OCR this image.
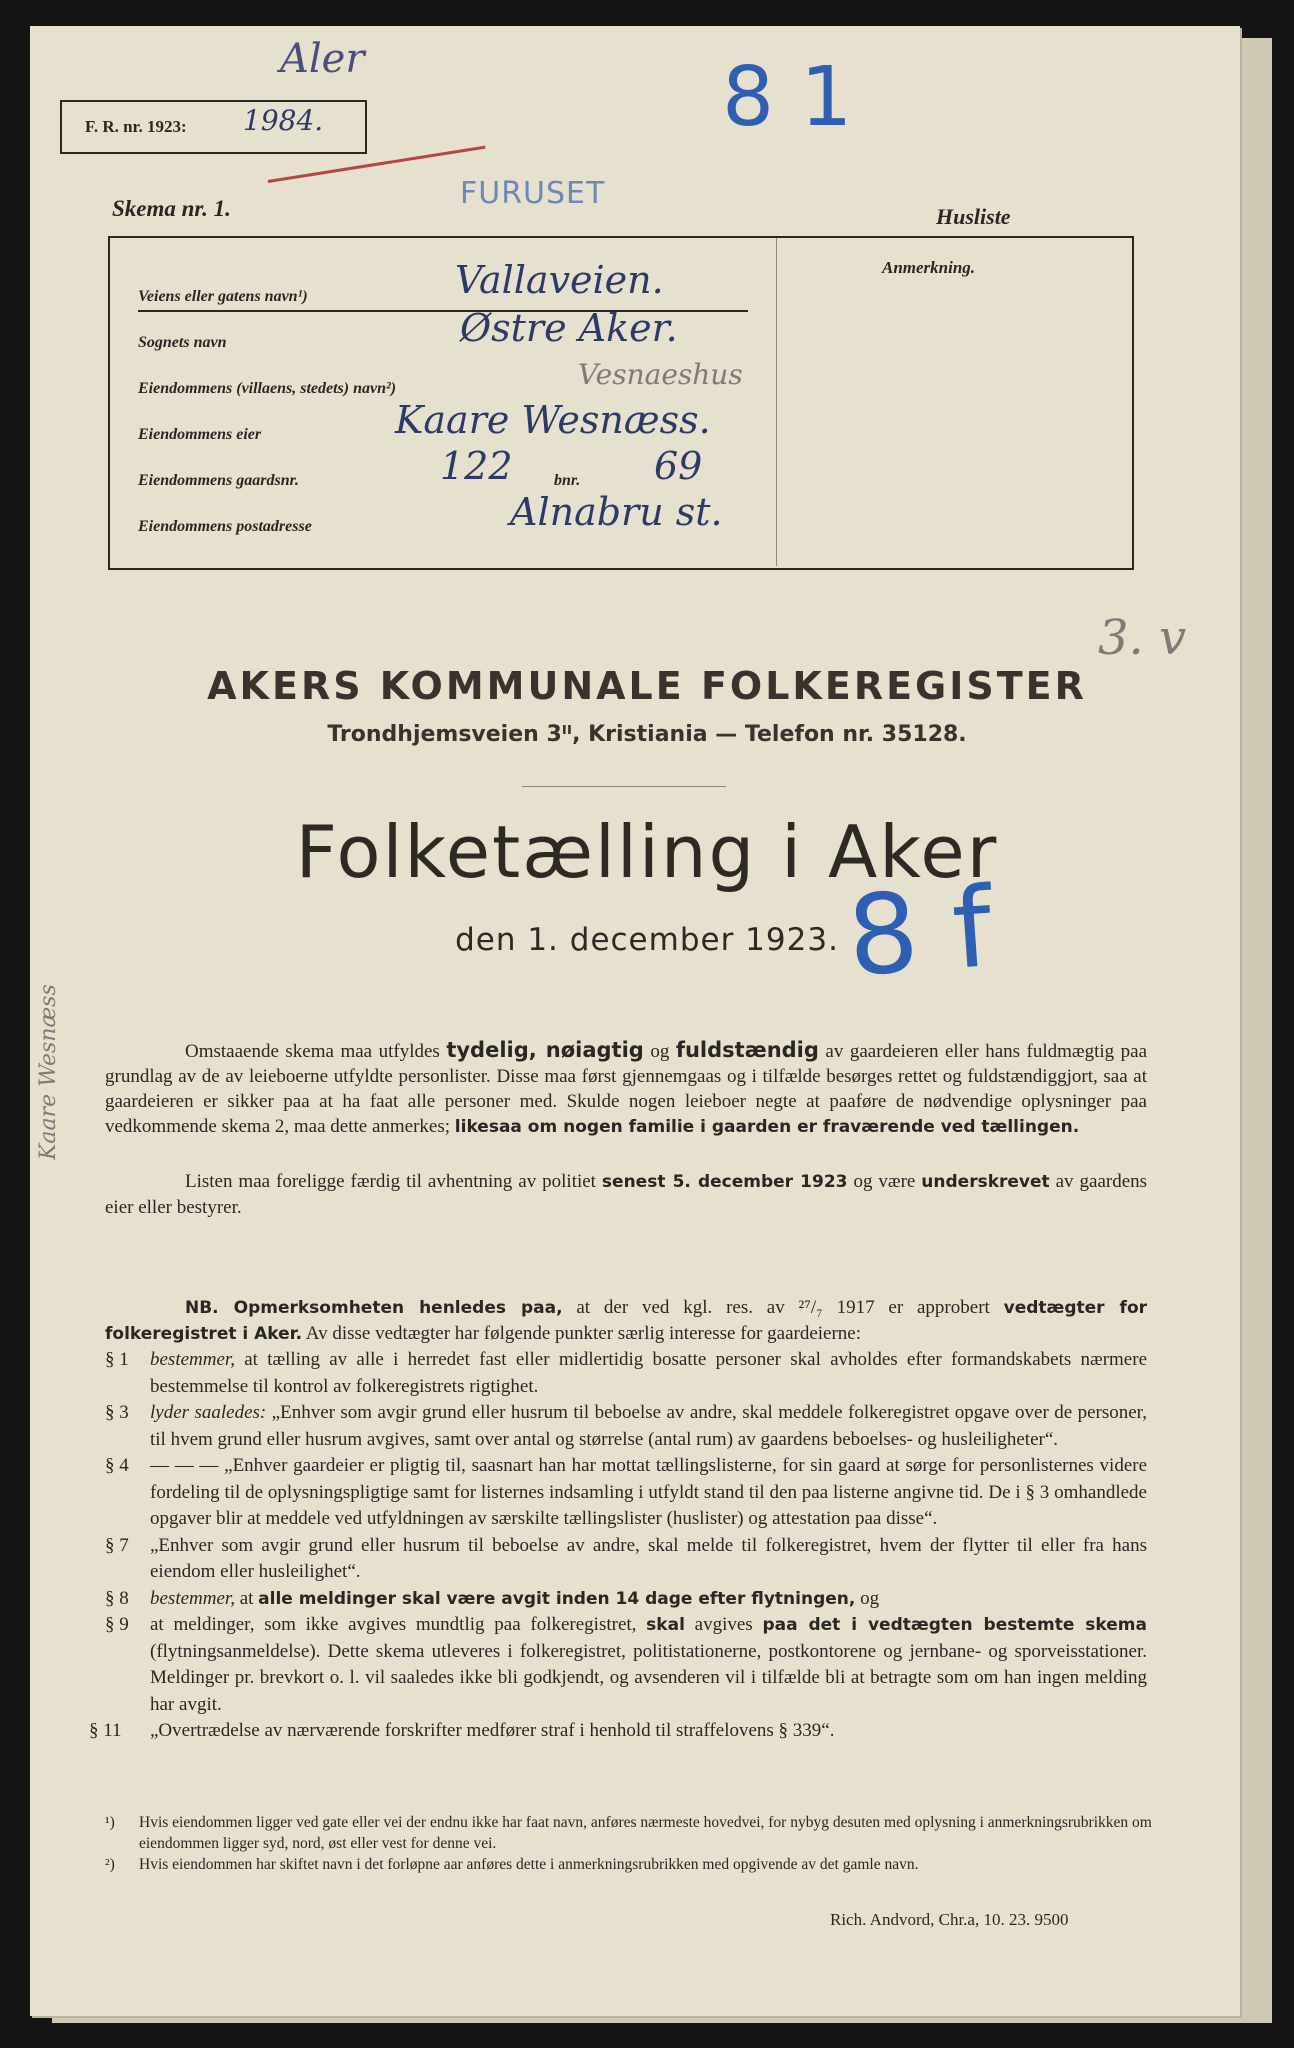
Aler
F. R. nr. 1923: 1984.
FURUSET
8 1
Skema nr. 1.	Husliste
Anmerkning.
Veiens eller gatens navn¹)	Vallaveien.
Sognets navn	Østre Aker.
Eiendommens (villaens, stedets) navn²)	Vesnaeshus
Eiendommens eier	Kaare Wesnæss.
Eiendommens gaardsnr.	122	bnr. 69
Eiendommens postadresse	Alnabru st.
3. v
Kaare Wesnæss
AKERS KOMMUNALE FOLKEREGISTER
Trondhjemsveien 3ᴵᴵ, Kristiania — Telefon nr. 35128.
Folketælling i Aker
den 1. december 1923. 8 f
Omstaaende skema maa utfyldes tydelig, nøiagtig og fuldstændig av gaardeieren eller hans fuldmægtig paa grundlag av de av leieboerne utfyldte personlister. Disse maa først gjennemgaas og i tilfælde besørges rettet og fuldstændiggjort, saa at gaardeieren er sikker paa at ha faat alle personer med. Skulde nogen leieboer negte at paaføre de nødvendige oplysninger paa vedkommende skema 2, maa dette anmerkes; likesaa om nogen familie i gaarden er fraværende ved tællingen.
Listen maa foreligge færdig til avhentning av politiet senest 5. december 1923 og være underskrevet av gaardens eier eller bestyrer.
NB. Opmerksomheten henledes paa, at der ved kgl. res. av ²⁷/₇ 1917 er approbert vedtægter for folkeregistret i Aker. Av disse vedtægter har følgende punkter særlig interesse for gaardeierne:
§ 1	bestemmer, at tælling av alle i herredet fast eller midlertidig bosatte personer skal avholdes efter formandskabets nærmere bestemmelse til kontrol av folkeregistrets rigtighet.
§ 3	lyder saaledes: „Enhver som avgir grund eller husrum til beboelse av andre, skal meddele folkeregistret opgave over de personer, til hvem grund eller husrum avgives, samt over antal og størrelse (antal rum) av gaardens beboelses- og husleiligheter“.
§ 4	— — — „Enhver gaardeier er pligtig til, saasnart han har mottat tællingslisterne, for sin gaard at sørge for personlisternes videre fordeling til de oplysningspligtige samt for listernes indsamling i utfyldt stand til den paa listerne angivne tid. De i § 3 omhandlede opgaver blir at meddele ved utfyldningen av særskilte tællingslister (huslister) og attestation paa disse“.
§ 7	„Enhver som avgir grund eller husrum til beboelse av andre, skal melde til folkeregistret, hvem der flytter til eller fra hans eiendom eller husleilighet“.
§ 8	bestemmer, at alle meldinger skal være avgit inden 14 dage efter flytningen, og
§ 9	at meldinger, som ikke avgives mundtlig paa folkeregistret, skal avgives paa det i vedtægten bestemte skema (flytningsanmeldelse). Dette skema utleveres i folkeregistret, politistationerne, postkontorene og jernbane- og sporveisstationer. Meldinger pr. brevkort o. l. vil saaledes ikke bli godkjendt, og avsenderen vil i tilfælde bli at betragte som om han ingen melding har avgit.
§ 11	„Overtrædelse av nærværende forskrifter medfører straf i henhold til straffelovens § 339“.
¹)	Hvis eiendommen ligger ved gate eller vei der endnu ikke har faat navn, anføres nærmeste hovedvei, for nybyg desuten med oplysning i anmerkningsrubrikken om eiendommen ligger syd, nord, øst eller vest for denne vei.
²)	Hvis eiendommen har skiftet navn i det forløpne aar anføres dette i anmerkningsrubrikken med opgivende av det gamle navn.
Rich. Andvord, Chr.a, 10. 23. 9500
